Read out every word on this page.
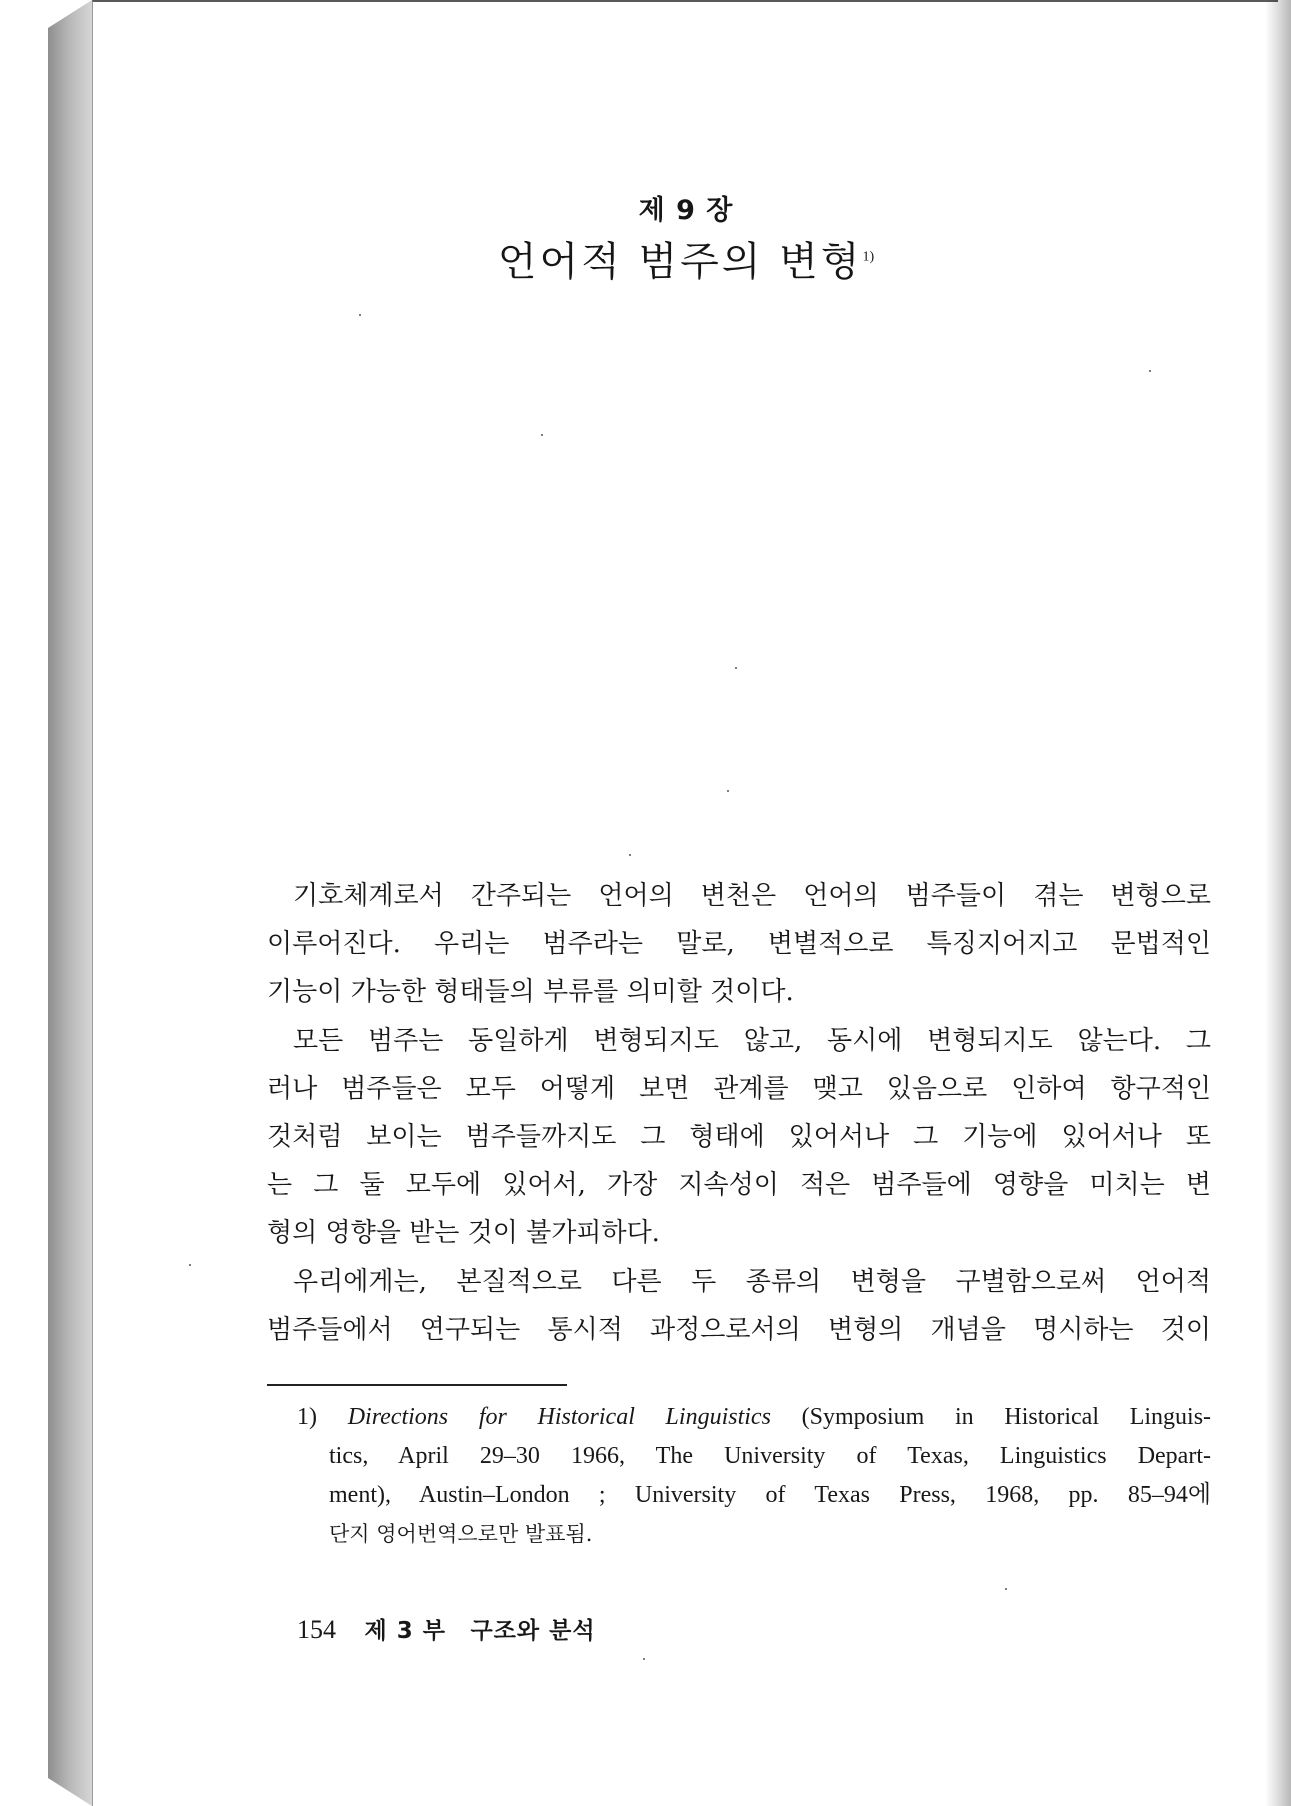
제 9 장
언어적 범주의 변형$^{1)}$

기호체계로서 간주되는 언어의 변천은 언어의 범주들이 겪는 변형으로
이루어진다. 우리는 범주라는 말로, 변별적으로 특징지어지고 문법적인
기능이 가능한 형태들의 부류를 의미할 것이다.

모든 범주는 동일하게 변형되지도 않고, 동시에 변형되지도 않는다. 그
러나 범주들은 모두 어떻게 보면 관계를 맺고 있음으로 인하여 항구적인
것처럼 보이는 범주들까지도 그 형태에 있어서나 그 기능에 있어서나 또
는 그 둘 모두에 있어서, 가장 지속성이 적은 범주들에 영향을 미치는 변
형의 영향을 받는 것이 불가피하다.

우리에게는, 본질적으로 다른 두 종류의 변형을 구별함으로써 언어적
범주들에서 연구되는 통시적 과정으로서의 변형의 개념을 명시하는 것이

1) Directions for Historical Linguistics (Symposium in Historical Linguis-
tics, April 29–30 1966, The University of Texas, Linguistics Depart-
ment), Austin–London ; University of Texas Press, 1968, pp. 85–94에
단지 영어번역으로만 발표됨.
154 제 3 부 구조와 분석
